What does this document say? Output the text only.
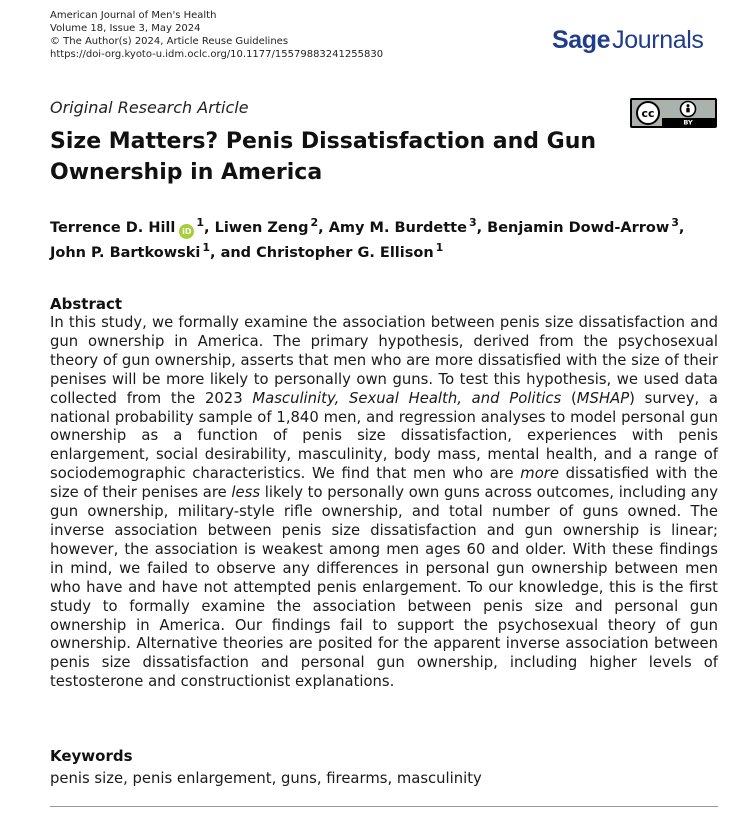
American Journal of Men's Health
Volume 18, Issue 3, May 2024
© The Author(s) 2024, Article Reuse Guidelines
https://doi-org.kyoto-u.idm.oclc.org/10.1177/15579883241255830
SageJournals
Original Research Article	cc
BY
Size Matters? Penis Dissatisfaction and Gun Ownership in America
Terrence D. Hill $iD^1$, Liwen Zeng $^2$, Amy M. Burdette $^3$, Benjamin Dowd-Arrow $^3$,
John P. Bartkowski $^1$, and Christopher G. Ellison $^1$
Abstract
In this study, we formally examine the association between penis size dissatisfaction and gun ownership in America. The primary hypothesis, derived from the psychosexual theory of gun ownership, asserts that men who are more dissatisfied with the size of their penises will be more likely to personally own guns. To test this hypothesis, we used data collected from the 2023 Masculinity, Sexual Health, and Politics (MSHAP) survey, a national probability sample of 1,840 men, and regression analyses to model personal gun ownership as a function of penis size dissatisfaction, experiences with penis enlargement, social desirability, masculinity, body mass, mental health, and a range of sociodemographic characteristics. We find that men who are more dissatisfied with the size of their penises are less likely to personally own guns across outcomes, including any gun ownership, military-style rifle ownership, and total number of guns owned. The inverse association between penis size dissatisfaction and gun ownership is linear; however, the association is weakest among men ages 60 and older. With these findings in mind, we failed to observe any differences in personal gun ownership between men who have and have not attempted penis enlargement. To our knowledge, this is the first study to formally examine the association between penis size and personal gun ownership in America. Our findings fail to support the psychosexual theory of gun ownership. Alternative theories are posited for the apparent inverse association between penis size dissatisfaction and personal gun ownership, including higher levels of testosterone and constructionist explanations.
Keywords
penis size, penis enlargement, guns, firearms, masculinity
